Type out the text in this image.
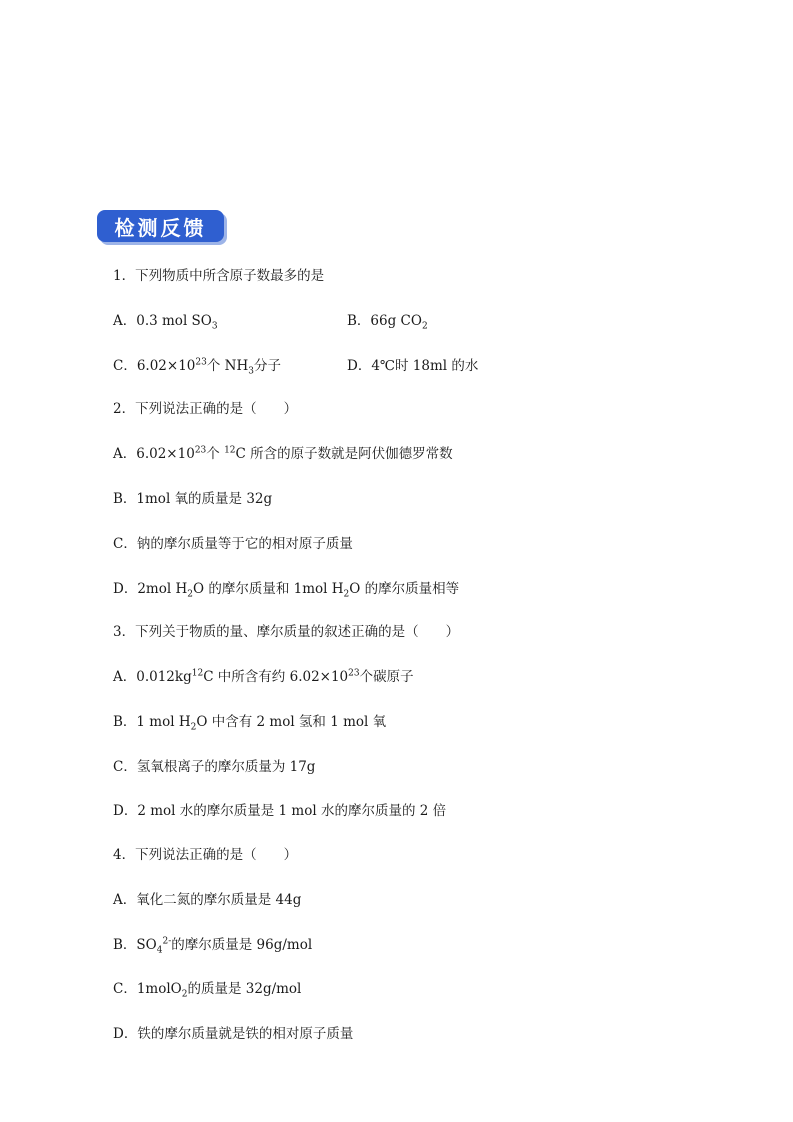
检测反馈
1．下列物质中所含原子数最多的是
A．0.3 mol $SO_3$	B．66g $CO_2$
C．$6.02\times 10^{23}$个 $NH_3$分子	D．4℃时 18ml 的水
2．下列说法正确的是（　　）
A．$6.02\times 10^{23}$个 $^{12}$C 所含的原子数就是阿伏伽德罗常数
B．1mol 氧的质量是 32g
C．钠的摩尔质量等于它的相对原子质量
D．2mol $H_2O$ 的摩尔质量和 1mol $H_2O$ 的摩尔质量相等
3．下列关于物质的量、摩尔质量的叙述正确的是（　　）
A．$0.012kg^{12}C$ 中所含有约 $6.02\times 10^{23}$个碳原子
B．1 mol $H_2O$ 中含有 2 mol 氢和 1 mol 氧
C．氢氧根离子的摩尔质量为 17g
D．2 mol 水的摩尔质量是 1 mol 水的摩尔质量的 2 倍
4．下列说法正确的是（　　）
A．氧化二氮的摩尔质量是 44g
B．$SO_4^{2-}$的摩尔质量是 96g/mol
C．1molO$_2$的质量是 32g/mol
D．铁的摩尔质量就是铁的相对原子质量
